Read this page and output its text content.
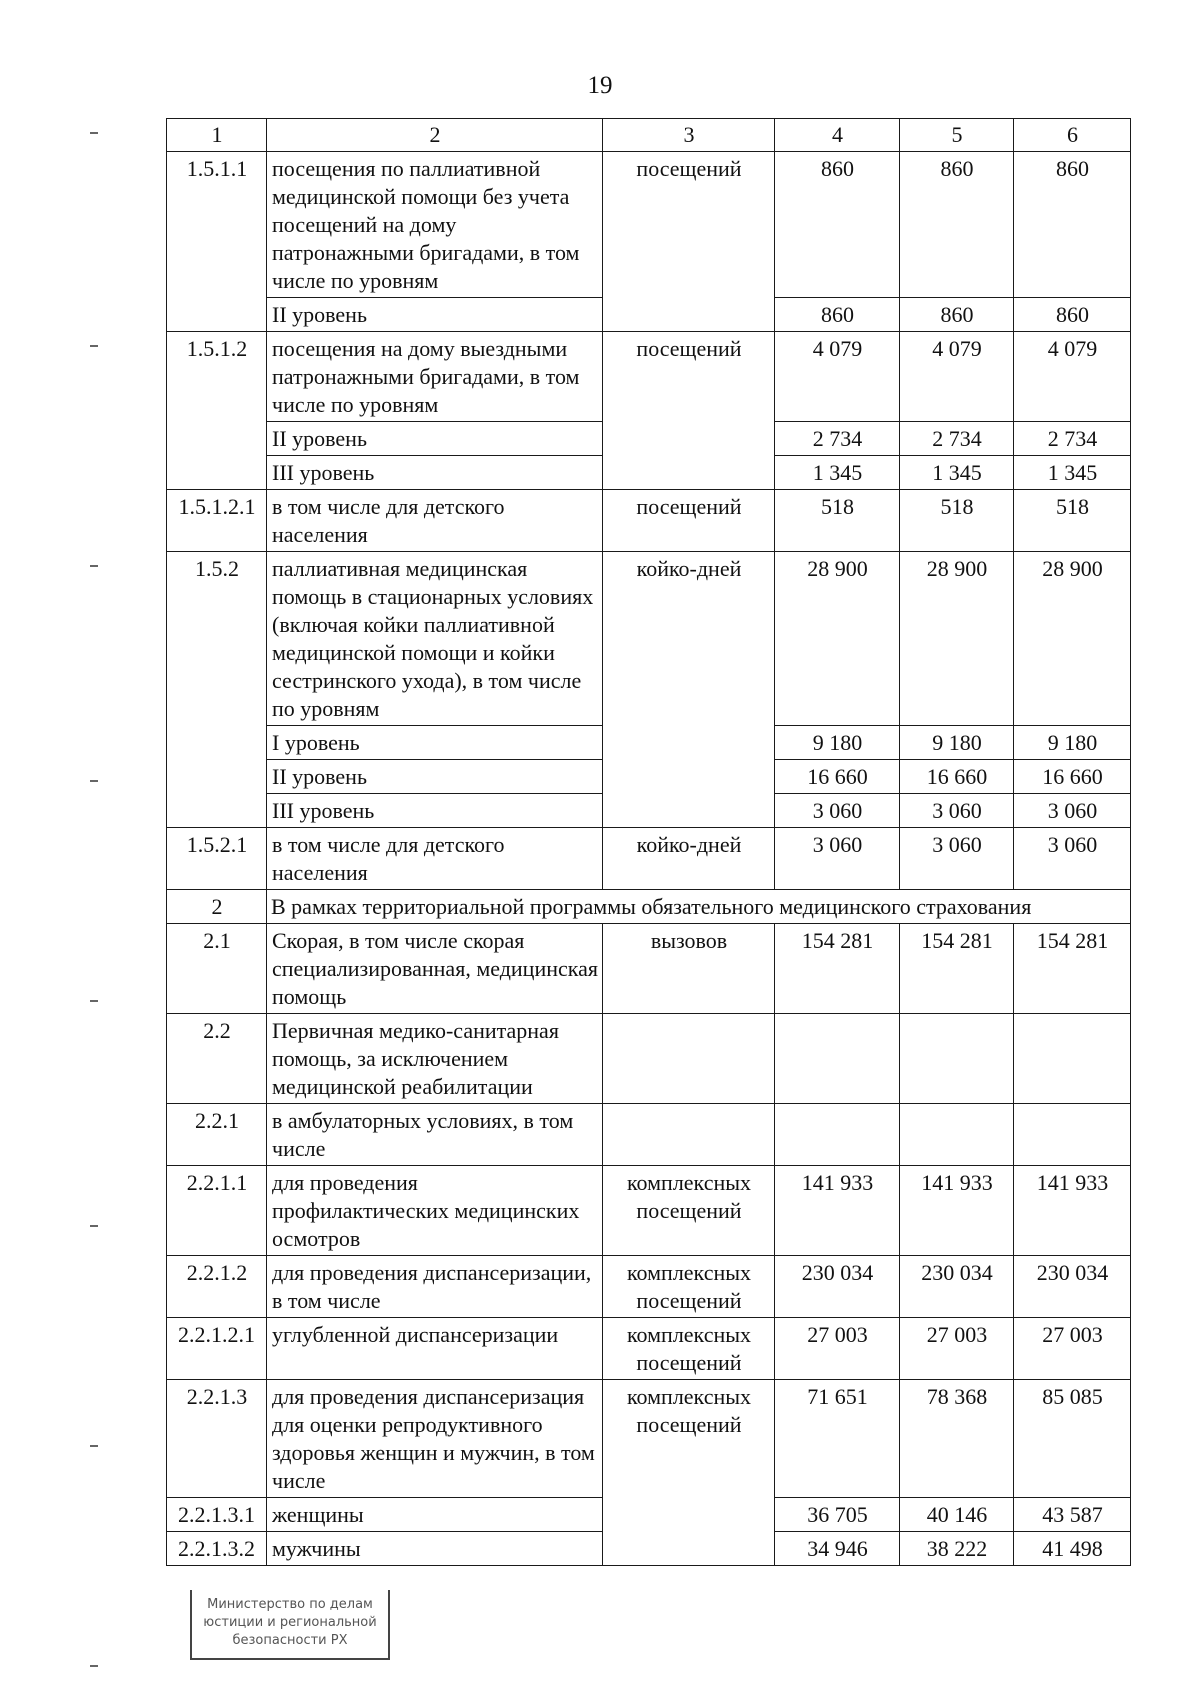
19
1	2	3	4	5	6
1.5.1.1	посещения по паллиативной медицинской помощи без учета посещений на дому патронажными бригадами, в том числе по уровням	посещений	860	860	860
	II уровень		860	860	860
1.5.1.2	посещения на дому выездными патронажными бригадами, в том числе по уровням	посещений	4 079	4 079	4 079
	II уровень		2 734	2 734	2 734
	III уровень		1 345	1 345	1 345
1.5.1.2.1	в том числе для детского населения	посещений	518	518	518
1.5.2	паллиативная медицинская помощь в стационарных условиях (включая койки паллиативной медицинской помощи и койки сестринского ухода), в том числе по уровням	койко-дней	28 900	28 900	28 900
	I уровень		9 180	9 180	9 180
	II уровень		16 660	16 660	16 660
	III уровень		3 060	3 060	3 060
1.5.2.1	в том числе для детского населения	койко-дней	3 060	3 060	3 060
2	В рамках территориальной программы обязательного медицинского страхования				
2.1	Скорая, в том числе скорая специализированная, медицинская помощь	вызовов	154 281	154 281	154 281
2.2	Первичная медико-санитарная помощь, за исключением медицинской реабилитации				
2.2.1	в амбулаторных условиях, в том числе				
2.2.1.1	для проведения профилактических медицинских осмотров	комплексных посещений	141 933	141 933	141 933
2.2.1.2	для проведения диспансеризации, в том числе	комплексных посещений	230 034	230 034	230 034
2.2.1.2.1	углубленной диспансеризации	комплексных посещений	27 003	27 003	27 003
2.2.1.3	для проведения диспансеризация для оценки репродуктивного здоровья женщин и мужчин, в том числе	комплексных посещений	71 651	78 368	85 085
2.2.1.3.1	женщины		36 705	40 146	43 587
2.2.1.3.2	мужчины		34 946	38 222	41 498
Министерство по делам
юстиции и региональной
безопасности РХ
